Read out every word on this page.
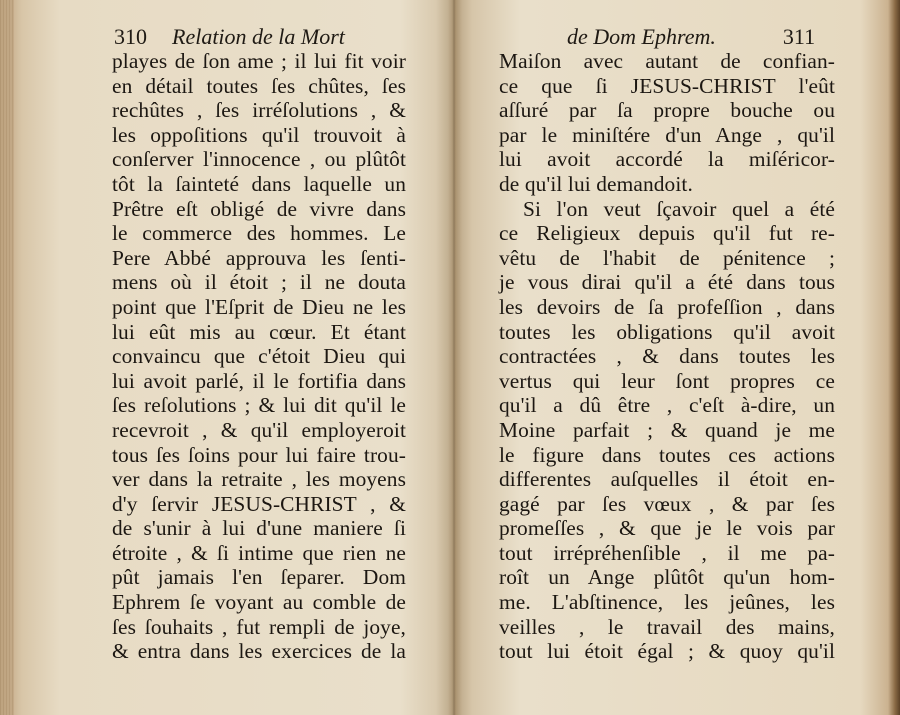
310 Relation de la Mort
playes de ſon ame ; il lui fit voir
en détail toutes ſes chûtes, ſes
rechûtes , ſes irréſolutions , &
les oppoſitions qu'il trouvoit à
conſerver l'innocence , ou plûtôt
tôt la ſainteté dans laquelle un
Prêtre eſt obligé de vivre dans
le commerce des hommes. Le
Pere Abbé approuva les ſenti-
mens où il étoit ; il ne douta
point que l'Eſprit de Dieu ne les
lui eût mis au cœur. Et étant
convaincu que c'étoit Dieu qui
lui avoit parlé, il le fortifia dans
ſes reſolutions ; & lui dit qu'il le
recevroit , & qu'il employeroit
tous ſes ſoins pour lui faire trou-
ver dans la retraite , les moyens
d'y ſervir JESUS-CHRIST , &
de s'unir à lui d'une maniere ſi
étroite , & ſi intime que rien ne
pût jamais l'en ſeparer. Dom
Ephrem ſe voyant au comble de
ſes ſouhaits , fut rempli de joye,
& entra dans les exercices de la
de Dom Ephrem.	311
Maiſon avec autant de confian-
ce que ſi JESUS-CHRIST l'eût
aſſuré par ſa propre bouche ou
par le miniſtére d'un Ange , qu'il
lui avoit accordé la miſéricor-
de qu'il lui demandoit.
Si l'on veut ſçavoir quel a été
ce Religieux depuis qu'il fut re-
vêtu de l'habit de pénitence ;
je vous dirai qu'il a été dans tous
les devoirs de ſa profeſſion , dans
toutes les obligations qu'il avoit
contractées , & dans toutes les
vertus qui leur ſont propres ce
qu'il a dû être , c'eſt à-dire, un
Moine parfait ; & quand je me
le figure dans toutes ces actions
differentes auſquelles il étoit en-
gagé par ſes vœux , & par ſes
promeſſes , & que je le vois par
tout irrépréhenſible , il me pa-
roît un Ange plûtôt qu'un hom-
me. L'abſtinence, les jeûnes, les
veilles , le travail des mains,
tout lui étoit égal ; & quoy qu'il
